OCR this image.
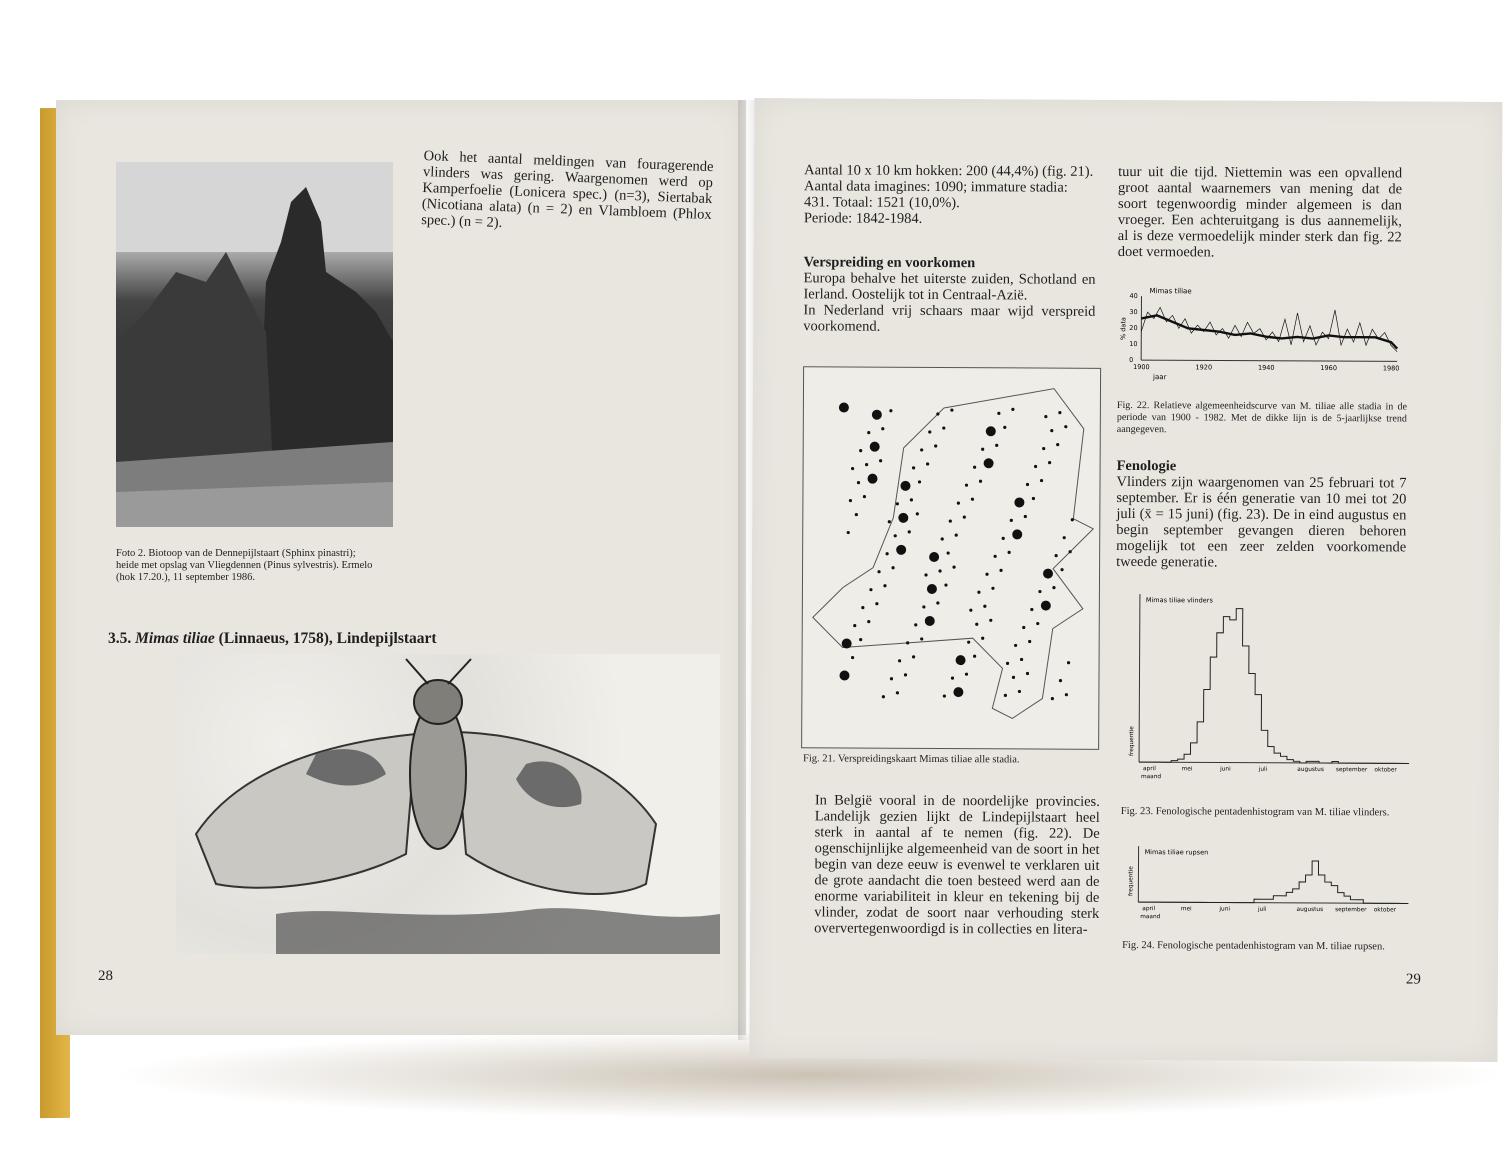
Ook het aantal meldingen van fouragerende vlinders was gering. Waargenomen werd op Kamperfoelie (Lonicera spec.) (n=3), Siertabak (Nicotiana alata) (n = 2) en Vlambloem (Phlox spec.) (n = 2).
Foto 2. Biotoop van de Dennepijlstaart (Sphinx pinastri);
heide met opslag van Vliegdennen (Pinus sylvestris). Ermelo
(hok 17.20.), 11 september 1986.
3.5. Mimas tiliae (Linnaeus, 1758), Lindepijlstaart
28
Aantal 10 x 10 km hokken: 200 (44,4%) (fig. 21).
Aantal data imagines: 1090; immature stadia:
431. Totaal: 1521 (10,0%).
Periode: 1842-1984.
Verspreiding en voorkomen
Europa behalve het uiterste zuiden, Schotland en Ierland. Oostelijk tot in Centraal-Azië.
In Nederland vrij schaars maar wijd verspreid voorkomend.
Fig. 21. Verspreidingskaart Mimas tiliae alle stadia.
In België vooral in de noordelijke provincies. Landelijk gezien lijkt de Lindepijlstaart heel sterk in aantal af te nemen (fig. 22). De ogenschijnlijke algemeenheid van de soort in het begin van deze eeuw is evenwel te verklaren uit de grote aandacht die toen besteed werd aan de enorme variabiliteit in kleur en tekening bij de vlinder, zodat de soort naar verhouding sterk oververtegenwoordigd is in collecties en litera-
tuur uit die tijd. Niettemin was een opvallend groot aantal waarnemers van mening dat de soort tegenwoordig minder algemeen is dan vroeger. Een achteruitgang is dus aannemelijk, al is deze vermoedelijk minder sterk dan fig. 22 doet vermoeden.
Mimas tiliae
1900	1920	1940	1960	1980
0
10
20
30
40
jaar
% data
Fig. 22. Relatieve algemeenheidscurve van M. tiliae alle stadia in de periode van 1900 - 1982. Met de dikke lijn is de 5-jaarlijkse trend aangegeven.
Fenologie
Vlinders zijn waargenomen van 25 februari tot 7 september. Er is één generatie van 10 mei tot 20 juli (x̄ = 15 juni) (fig. 23). De in eind augustus en begin september gevangen dieren behoren mogelijk tot een zeer zelden voorkomende tweede generatie.
Mimas tiliae vlinders
april	mei	juni	juli	augustus september oktober
maand
frequentie
Fig. 23. Fenologische pentadenhistogram van M. tiliae vlinders.
Mimas tiliae rupsen
april	mei	juni	juli	augustus september oktober
maand
frequentie
Fig. 24. Fenologische pentadenhistogram van M. tiliae rupsen.
29
